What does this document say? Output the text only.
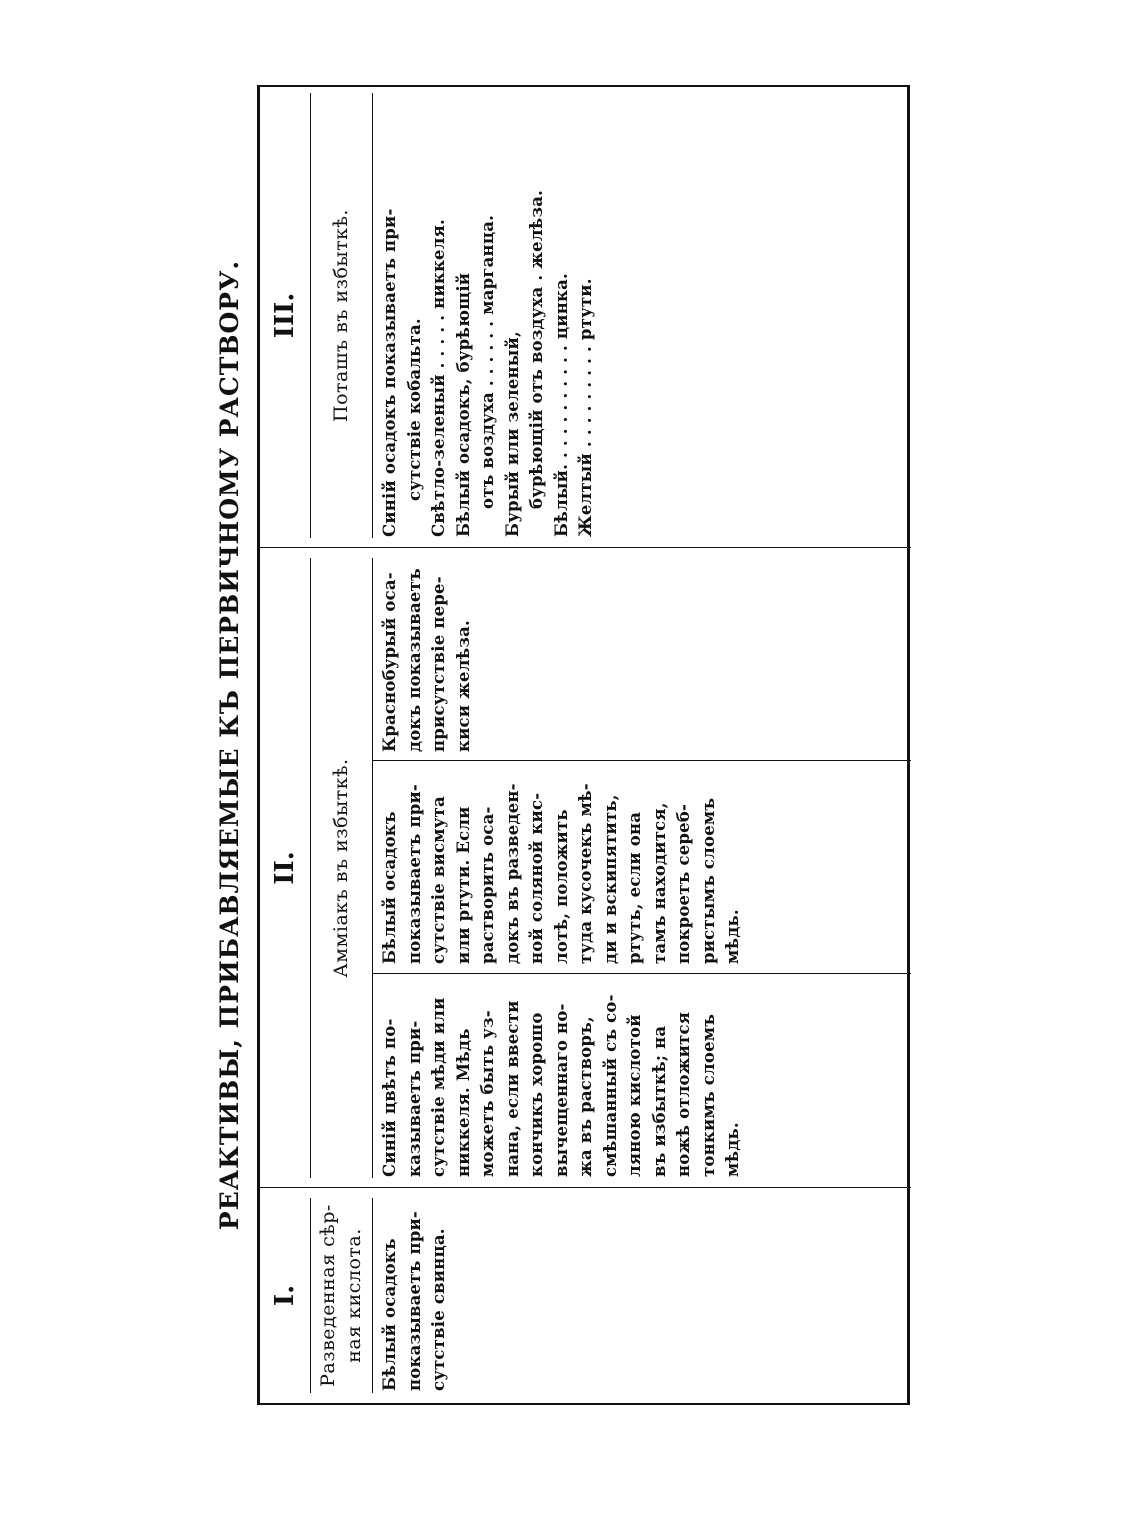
РЕАКТИВЫ, ПРИБАВЛЯЕМЫЕ КЪ ПЕРВИЧНОМУ РАСТВОРУ.
I.
II.
III.
Разведенная сѣр- ная кислота.
Амміакъ въ избыткѣ.
Поташъ въ избыткѣ.
Бѣлый осадокъ показываетъ при- сутствіе свинца.
Синій цвѣтъ по- казываетъ при- сутствіе мѣди или никкеля. Мѣдь можетъ быть уз- нана, если ввести кончикъ хорошо вычещеннаго но- жа въ растворъ, смѣшанный съ со- ляною кислотой въ избыткѣ; на ножѣ отложится тонкимъ слоемъ мѣдь.
Бѣлый осадокъ показываетъ при- сутствіе висмута или ртути. Если растворить оса- докъ въ разведен- ной соляной кис- лотѣ, положить туда кусочекъ мѣ- ди и вскипятить, ртуть, если она тамъ находится, покроетъ сереб- ристымъ слоемъ мѣдь.
Краснобурый оса- докъ показываетъ присутствіе пере- киси желѣза.
Синій осадокъ показываетъ при- сутствіе кобальта. Свѣтло-зеленый . . . . . никкеля. Бѣлый осадокъ, бурѣющій отъ воздуха . . . . . . марганца. Бурый или зеленый, бурѣющій отъ воздуха . желѣза. Бѣлый. . . . . . . . . . . цинка. Желтый . . . . . . . . . ртути.
